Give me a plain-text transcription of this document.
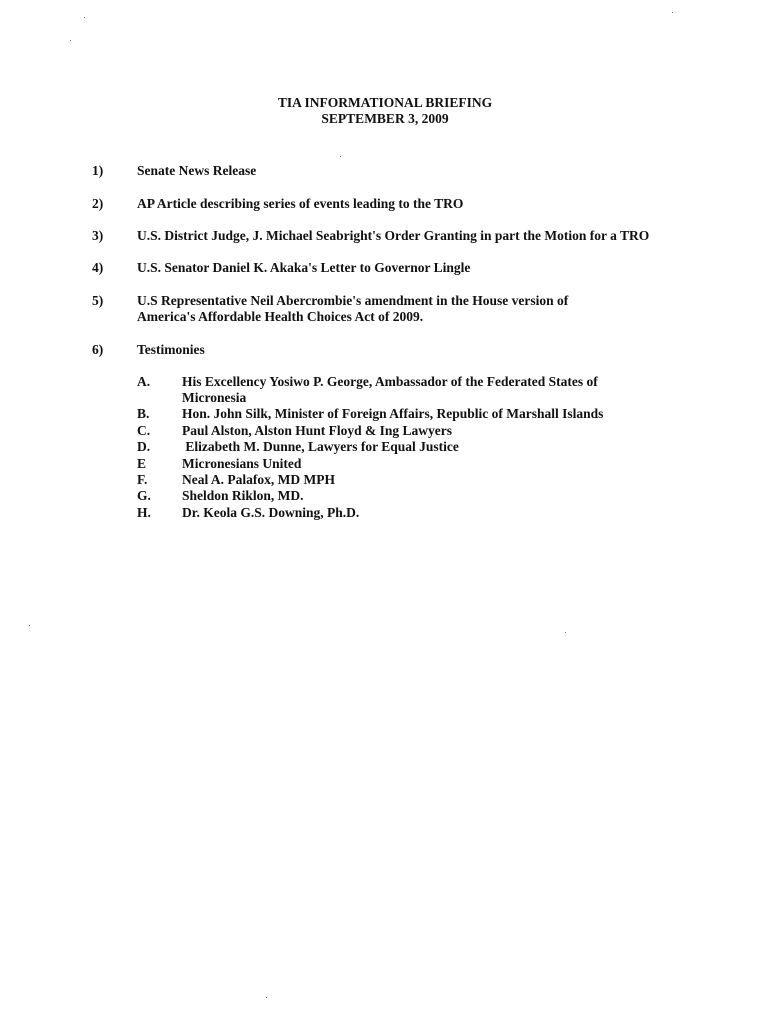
TIA INFORMATIONAL BRIEFING
SEPTEMBER 3, 2009
1)	Senate News Release
2)	AP Article describing series of events leading to the TRO
3)	U.S. District Judge, J. Michael Seabright's Order Granting in part the Motion for a TRO
4)	U.S. Senator Daniel K. Akaka's Letter to Governor Lingle
5)	U.S Representative Neil Abercrombie's amendment in the House version of America's Affordable Health Choices Act of 2009.
6)	Testimonies
A. His Excellency Yosiwo P. George, Ambassador of the Federated States of Micronesia
B. Hon. John Silk, Minister of Foreign Affairs, Republic of Marshall Islands
C. Paul Alston, Alston Hunt Floyd & Ing Lawyers
D. Elizabeth M. Dunne, Lawyers for Equal Justice
E	Micronesians United
F.	Neal A. Palafox, MD MPH
G. Sheldon Riklon, MD.
H. Dr. Keola G.S. Downing, Ph.D.
